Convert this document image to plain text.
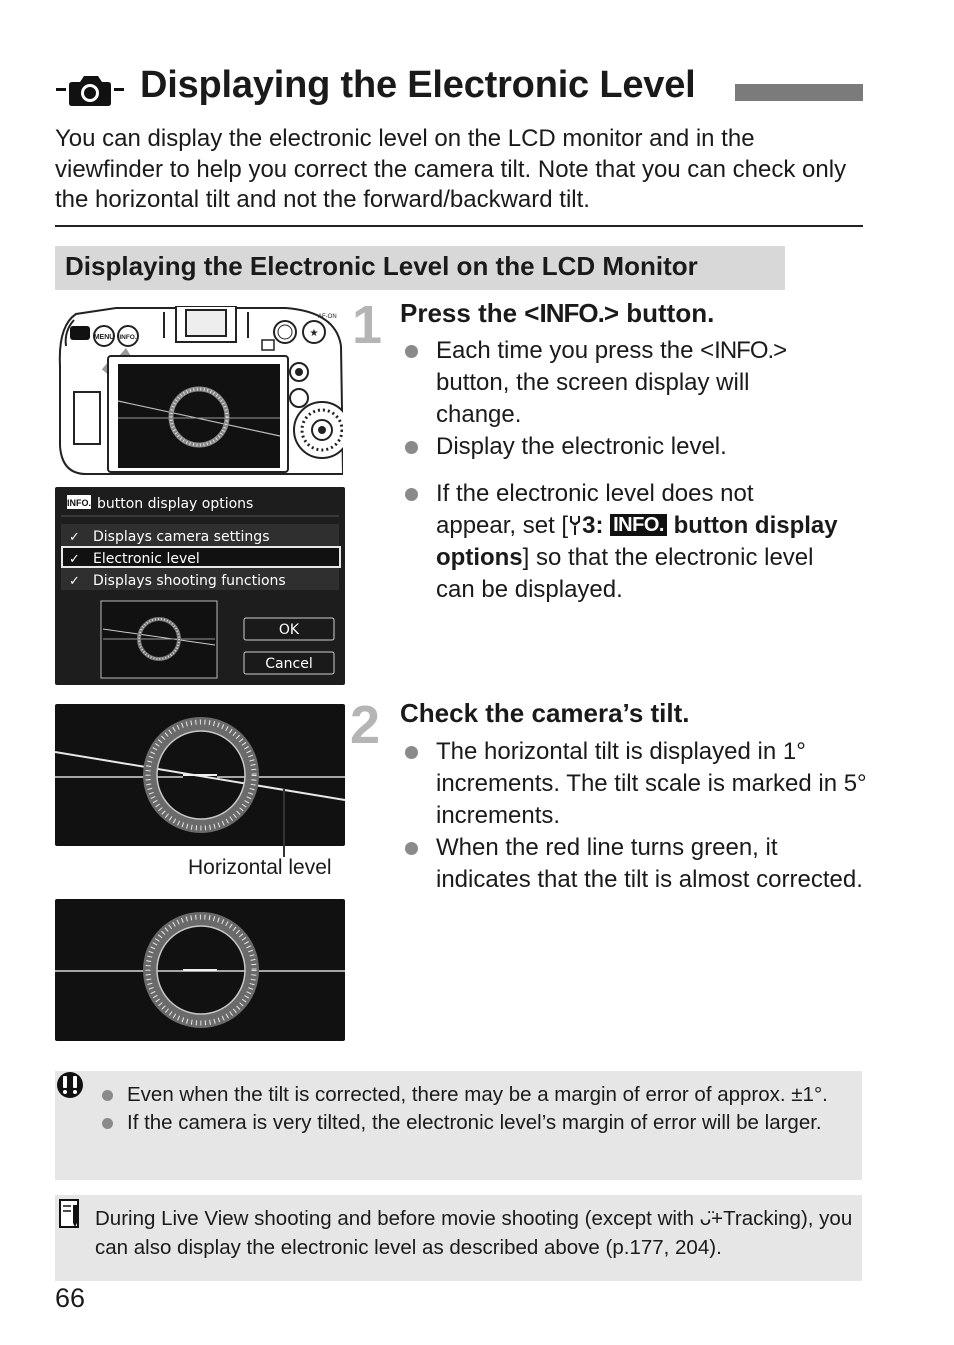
Displaying the Electronic Level
You can display the electronic level on the LCD monitor and in the viewfinder to help you correct the camera tilt. Note that you can check only the horizontal tilt and not the forward/backward tilt.
Displaying the Electronic Level on the LCD Monitor
MENU INFO.
AF-ON
★
INFO. button display options
✓ Displays camera settings
✓ Electronic level
✓ Displays shooting functions
OK
Cancel
1 Press the <INFO.> button.
Each time you press the <INFO.> button, the screen display will change.
Display the electronic level.
If the electronic level does not appear, set [ 3: INFO. button display options] so that the electronic level can be displayed.
Horizontal level
2 Check the camera’s tilt.
The horizontal tilt is displayed in 1° increments. The tilt scale is marked in 5° increments.
When the red line turns green, it indicates that the tilt is almost corrected.
Even when the tilt is corrected, there may be a margin of error of approx. ±1°.
If the camera is very tilted, the electronic level’s margin of error will be larger.
During Live View shooting and before movie shooting (except with ᴗ̈+Tracking), you can also display the electronic level as described above (p.177, 204).
66
